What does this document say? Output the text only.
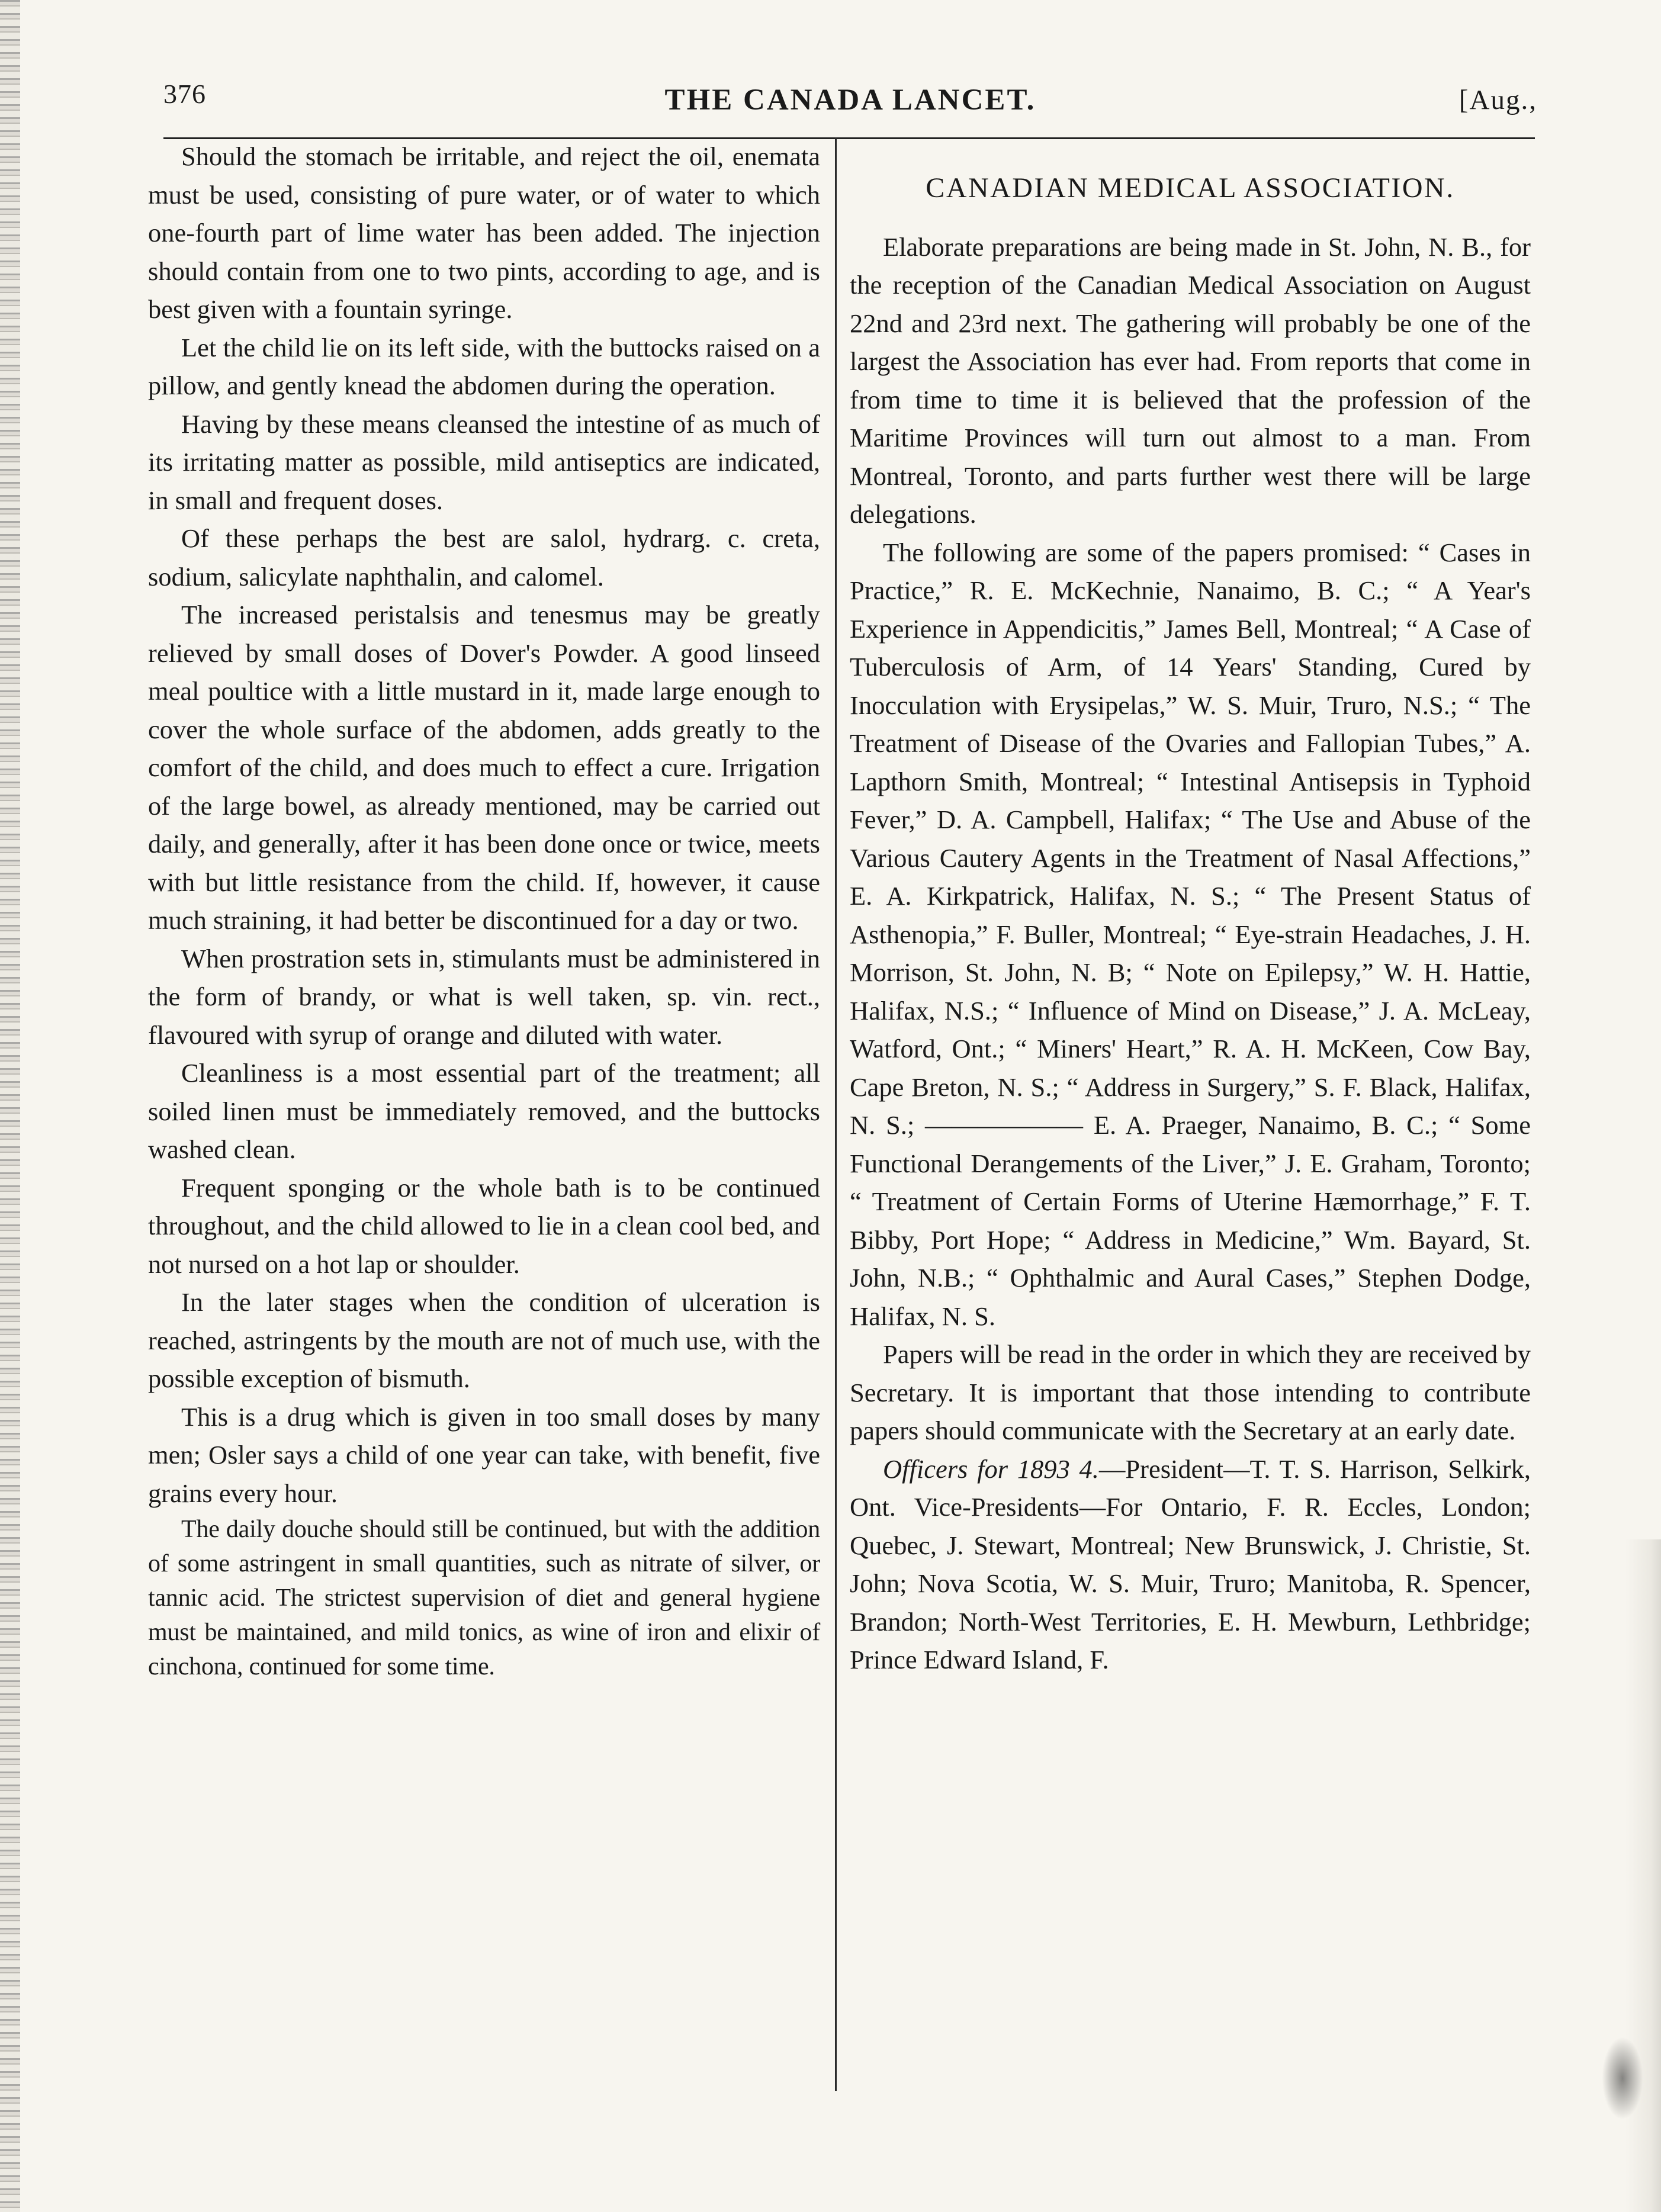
376	THE CANADA LANCET.	[Aug.,

Should the stomach be irritable, and reject the oil, enemata must be used, consisting of pure water, or of water to which one-fourth part of lime water has been added. The injection should contain from one to two pints, according to age, and is best given with a fountain syringe.

Let the child lie on its left side, with the buttocks raised on a pillow, and gently knead the abdomen during the operation.

Having by these means cleansed the intestine of as much of its irritating matter as possible, mild antiseptics are indicated, in small and frequent doses.

Of these perhaps the best are salol, hydrarg. c. creta, sodium, salicylate naphthalin, and calomel.

The increased peristalsis and tenesmus may be greatly relieved by small doses of Dover's Powder. A good linseed meal poultice with a little mustard in it, made large enough to cover the whole surface of the abdomen, adds greatly to the comfort of the child, and does much to effect a cure. Irrigation of the large bowel, as already mentioned, may be carried out daily, and generally, after it has been done once or twice, meets with but little resistance from the child. If, however, it cause much straining, it had better be discontinued for a day or two.

When prostration sets in, stimulants must be administered in the form of brandy, or what is well taken, sp. vin. rect., flavoured with syrup of orange and diluted with water.

Cleanliness is a most essential part of the treatment; all soiled linen must be immediately removed, and the buttocks washed clean.

Frequent sponging or the whole bath is to be continued throughout, and the child allowed to lie in a clean cool bed, and not nursed on a hot lap or shoulder.

In the later stages when the condition of ulceration is reached, astringents by the mouth are not of much use, with the possible exception of bismuth.

This is a drug which is given in too small doses by many men; Osler says a child of one year can take, with benefit, five grains every hour.

The daily douche should still be continued, but with the addition of some astringent in small quantities, such as nitrate of silver, or tannic acid. The strictest supervision of diet and general hygiene must be maintained, and mild tonics, as wine of iron and elixir of cinchona, continued for some time.

CANADIAN MEDICAL ASSOCIATION.

Elaborate preparations are being made in St. John, N. B., for the reception of the Canadian Medical Association on August 22nd and 23rd next. The gathering will probably be one of the largest the Association has ever had. From reports that come in from time to time it is believed that the profession of the Maritime Provinces will turn out almost to a man. From Montreal, Toronto, and parts further west there will be large delegations.

The following are some of the papers promised: “ Cases in Practice,” R. E. McKechnie, Nanaimo, B. C.; “ A Year's Experience in Appendicitis,” James Bell, Montreal; “ A Case of Tuberculosis of Arm, of 14 Years' Standing, Cured by Inocculation with Erysipelas,” W. S. Muir, Truro, N.S.; “ The Treatment of Disease of the Ovaries and Fallopian Tubes,” A. Lapthorn Smith, Montreal; “ Intestinal Antisepsis in Typhoid Fever,” D. A. Campbell, Halifax; “ The Use and Abuse of the Various Cautery Agents in the Treatment of Nasal Affections,” E. A. Kirkpatrick, Halifax, N. S.; “ The Present Status of Asthenopia,” F. Buller, Montreal; “ Eye-strain Headaches, J. H. Morrison, St. John, N. B; “ Note on Epilepsy,” W. H. Hattie, Halifax, N.S.; “ Influence of Mind on Disease,” J. A. McLeay, Watford, Ont.; “ Miners' Heart,” R. A. H. McKeen, Cow Bay, Cape Breton, N. S.; “ Address in Surgery,” S. F. Black, Halifax, N. S.; —————— E. A. Praeger, Nanaimo, B. C.; “ Some Functional Derangements of the Liver,” J. E. Graham, Toronto; “ Treatment of Certain Forms of Uterine Hæmorrhage,” F. T. Bibby, Port Hope; “ Address in Medicine,” Wm. Bayard, St. John, N.B.; “ Ophthalmic and Aural Cases,” Stephen Dodge, Halifax, N. S.

Papers will be read in the order in which they are received by Secretary. It is important that those intending to contribute papers should communicate with the Secretary at an early date.

Officers for 1893 4.—President—T. T. S. Harrison, Selkirk, Ont. Vice-Presidents—For Ontario, F. R. Eccles, London; Quebec, J. Stewart, Montreal; New Brunswick, J. Christie, St. John; Nova Scotia, W. S. Muir, Truro; Manitoba, R. Spencer, Brandon; North-West Territories, E. H. Mewburn, Lethbridge; Prince Edward Island, F.
